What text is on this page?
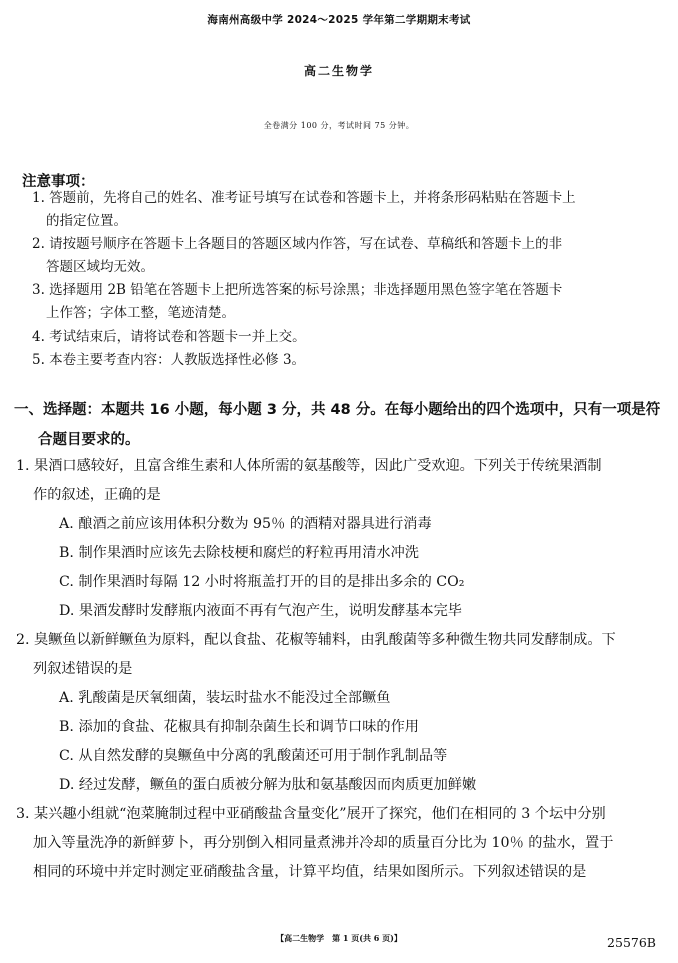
海南州高级中学 2024～2025 学年第二学期期末考试
高二生物学
全卷满分 100 分，考试时间 75 分钟。
注意事项：
1. 答题前，先将自己的姓名、准考证号填写在试卷和答题卡上，并将条形码粘贴在答题卡上
的指定位置。
2. 请按题号顺序在答题卡上各题目的答题区域内作答，写在试卷、草稿纸和答题卡上的非
答题区域均无效。
3. 选择题用 2B 铅笔在答题卡上把所选答案的标号涂黑；非选择题用黑色签字笔在答题卡
上作答；字体工整，笔迹清楚。
4. 考试结束后，请将试卷和答题卡一并上交。
5. 本卷主要考查内容：人教版选择性必修 3。
一、选择题：本题共 16 小题，每小题 3 分，共 48 分。在每小题给出的四个选项中，只有一项是符
合题目要求的。
1. 果酒口感较好，且富含维生素和人体所需的氨基酸等，因此广受欢迎。下列关于传统果酒制
作的叙述，正确的是
A. 酿酒之前应该用体积分数为 95％ 的酒精对器具进行消毒
B. 制作果酒时应该先去除枝梗和腐烂的籽粒再用清水冲洗
C. 制作果酒时每隔 12 小时将瓶盖打开的目的是排出多余的 CO₂
D. 果酒发酵时发酵瓶内液面不再有气泡产生，说明发酵基本完毕
2. 臭鳜鱼以新鲜鳜鱼为原料，配以食盐、花椒等辅料，由乳酸菌等多种微生物共同发酵制成。下
列叙述错误的是
A. 乳酸菌是厌氧细菌，装坛时盐水不能没过全部鳜鱼
B. 添加的食盐、花椒具有抑制杂菌生长和调节口味的作用
C. 从自然发酵的臭鳜鱼中分离的乳酸菌还可用于制作乳制品等
D. 经过发酵，鳜鱼的蛋白质被分解为肽和氨基酸因而肉质更加鲜嫩
3. 某兴趣小组就“泡菜腌制过程中亚硝酸盐含量变化”展开了探究，他们在相同的 3 个坛中分别
加入等量洗净的新鲜萝卜，再分别倒入相同量煮沸并冷却的质量百分比为 10％ 的盐水，置于
相同的环境中并定时测定亚硝酸盐含量，计算平均值，结果如图所示。下列叙述错误的是
【高二生物学　第 1 页(共 6 页)】	25576B
